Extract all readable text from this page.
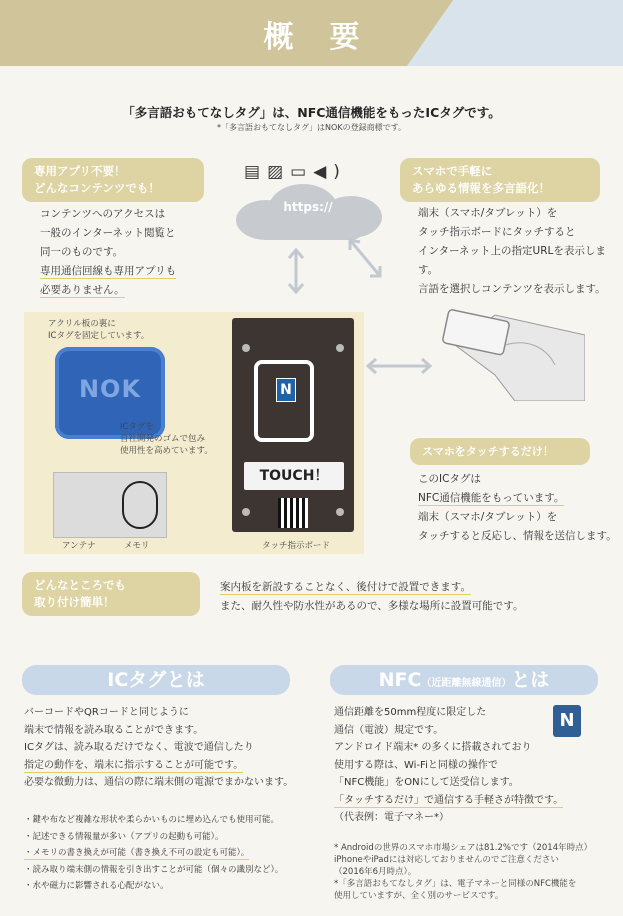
概要
「多言語おもてなしタグ」は、NFC通信機能をもったICタグです。
*「多言語おもてなしタグ」はNOKの登録商標です。
専用アプリ不要！
どんなコンテンツでも！
コンテンツへのアクセスは
一般のインターネット閲覧と
同一のものです。
専用通信回線も専用アプリも
必要ありません。
▤▨▭◀)
https://
スマホで手軽に
あらゆる情報を多言語化！
端末（スマホ/タブレット）を
タッチ指示ボードにタッチすると
インターネット上の指定URLを表示します。
言語を選択しコンテンツを表示します。
アクリル板の裏に
ICタグを固定しています。
NOK
ICタグを
自社開発のゴムで包み
使用性を高めています。
アンテナ	メモリ
N
TOUCH！
タッチ指示ボード
スマホをタッチするだけ！
このICタグは
NFC通信機能をもっています。
端末（スマホ/タブレット）を
タッチすると反応し、情報を送信します。
どんなところでも
取り付け簡単！
案内板を新設することなく、後付けで設置できます。
また、耐久性や防水性があるので、多様な場所に設置可能です。
ICタグとは
バーコードやQRコードと同じように
端末で情報を読み取ることができます。
ICタグは、読み取るだけでなく、電波で通信したり
指定の動作を、端末に指示することが可能です。
必要な微動力は、通信の際に端末側の電源でまかないます。
・鍵や布など複雑な形状や柔らかいものに埋め込んでも使用可能。
・記述できる情報量が多い（アプリの起動も可能）。
・メモリの書き換えが可能（書き換え不可の設定も可能）。
・読み取り端末側の情報を引き出すことが可能（個々の識別など）。
・水や磁力に影響される心配がない。
NFC（近距離無線通信）とは
N
通信距離を50mm程度に限定した
通信（電波）規定です。
アンドロイド端末* の多くに搭載されており
使用する際は、Wi-Fiと同様の操作で
「NFC機能」をONにして送受信します。
「タッチするだけ」で通信する手軽さが特徴です。
（代表例：電子マネー*）
* Androidの世界のスマホ市場シェアは81.2%です（2014年時点）
iPhoneやiPadには対応しておりませんのでご注意ください
（2016年6月時点）。
*「多言語おもてなしタグ」は、電子マネーと同様のNFC機能を
使用していますが、全く別のサービスです。
